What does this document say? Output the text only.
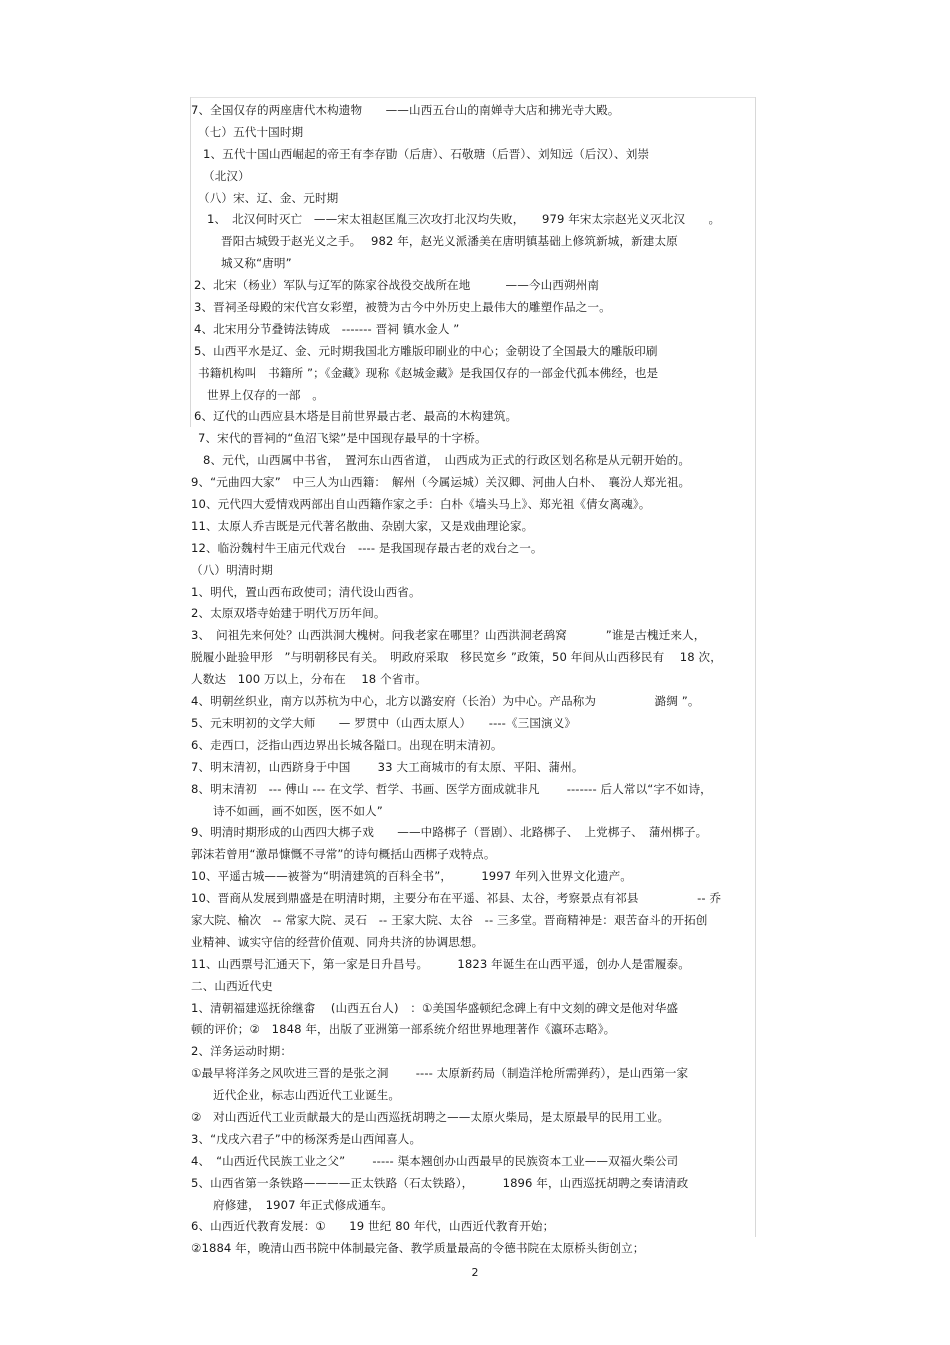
7、全国仅存的两座唐代木构遗物　　——山西五台山的南婵寺大店和拂光寺大殿。
（七）五代十国时期
1、五代十国山西崛起的帝王有李存勖（后唐）、石敬瑭（后晋）、刘知远（后汉）、刘崇
（北汉）
（八）宋、辽、金、元时期
1、　北汉何时灭亡　——宋太祖赵匡胤三次攻打北汉均失败，　　979 年宋太宗赵光义灭北汉　　。
晋阳古城毁于赵光义之手。　 982 年，赵光义派潘美在唐明镇基础上修筑新城，新建太原
城又称“唐明”
2、北宋（杨业）军队与辽军的陈家谷战役交战所在地　　　——今山西朔州南
3、晋祠圣母殿的宋代宫女彩塑，被赞为古今中外历史上最伟大的雕塑作品之一。
4、北宋用分节叠铸法铸成　------- 晋祠 镇水金人 ”
5、山西平水是辽、金、元时期我国北方雕版印刷业的中心；金朝设了全国最大的雕版印刷
书籍机构叫　书籍所 ”；《金藏》现称《赵城金藏》是我国仅存的一部金代孤本佛经，也是
世界上仅存的一部　。
6、辽代的山西应县木塔是目前世界最古老、最高的木构建筑。
7、宋代的晋祠的“鱼沼飞梁”是中国现存最早的十字桥。
8、元代，山西属中书省，　置河东山西省道，　山西成为正式的行政区划名称是从元朝开始的。
9、“元曲四大家”　中三人为山西籍：　解州（今属运城）关汉卿、河曲人白朴、　襄汾人郑光祖。
10、元代四大爱情戏两部出自山西籍作家之手：白朴《墙头马上》、郑光祖《倩女离魂》。
11、太原人乔吉既是元代著名散曲、杂剧大家，又是戏曲理论家。
12、临汾魏村牛王庙元代戏台　---- 是我国现存最古老的戏台之一。
（八）明清时期
1、明代，置山西布政使司；清代设山西省。
2、太原双塔寺始建于明代万历年间。
3、　问祖先来何处？山西洪洞大槐树。问我老家在哪里？山西洪洞老鸹窝　　　 ”谁是古槐迁来人，
脱履小趾验甲形　”与明朝移民有关。　明政府采取　移民宽乡 ”政策，50 年间从山西移民有　 18 次，
人数达　100 万以上，分布在　 18 个省市。
4、明朝丝织业，南方以苏杭为中心，北方以潞安府（长治）为中心。产品称为　　　　　潞绸 ”。
5、元末明初的文学大师　　— 罗贯中（山西太原人）　　----《三国演义》
6、走西口，泛指山西边界出长城各隘口。出现在明末清初。
7、明末清初，山西跻身于中国　　 33 大工商城市的有太原、平阳、蒲州。
8、明末清初　--- 傅山 --- 在文学、哲学、书画、医学方面成就非凡　　 ------- 后人常以“字不如诗，
诗不如画，画不如医，医不如人”
9、明清时期形成的山西四大梆子戏　　——中路梆子（晋剧）、北路梆子、　上党梆子、　蒲州梆子。
郭沫若曾用“激昂慷慨不寻常”的诗句概括山西梆子戏特点。
10、平遥古城——被誉为“明清建筑的百科全书”，　　　1997 年列入世界文化遗产。
10、晋商从发展到鼎盛是在明清时期，主要分布在平遥、祁县、太谷，考察景点有祁县　　　　　-- 乔
家大院、榆次　-- 常家大院、灵石　-- 王家大院、太谷　-- 三多堂。晋商精神是：艰苦奋斗的开拓创
业精神、诚实守信的经营价值观、同舟共济的协调思想。
11、山西票号汇通天下，第一家是日升昌号。　　　1823 年诞生在山西平遥，创办人是雷履泰。
二、山西近代史
1、清朝福建巡抚徐继畬　 (山西五台人)　：①美国华盛顿纪念碑上有中文刻的碑文是他对华盛
顿的评价；②　1848 年，出版了亚洲第一部系统介绍世界地理著作《瀛环志略》。
2、洋务运动时期：
①最早将洋务之风吹进三晋的是张之洞　　 ---- 太原新药局（制造洋枪所需弹药），是山西第一家
近代企业，标志山西近代工业诞生。
②　对山西近代工业贡献最大的是山西巡抚胡聘之——太原火柴局，是太原最早的民用工业。
3、“戊戌六君子”中的杨深秀是山西闻喜人。
4、　“山西近代民族工业之父”　　 ----- 渠本翘创办山西最早的民族资本工业——双福火柴公司
5、山西省第一条铁路————正太铁路（石太铁路），　　　1896 年，山西巡抚胡聘之奏请清政
府修建，　1907 年正式修成通车。
6、山西近代教育发展：①　　19 世纪 80 年代，山西近代教育开始；
②1884 年，晚清山西书院中体制最完备、教学质量最高的令德书院在太原桥头街创立；
2
